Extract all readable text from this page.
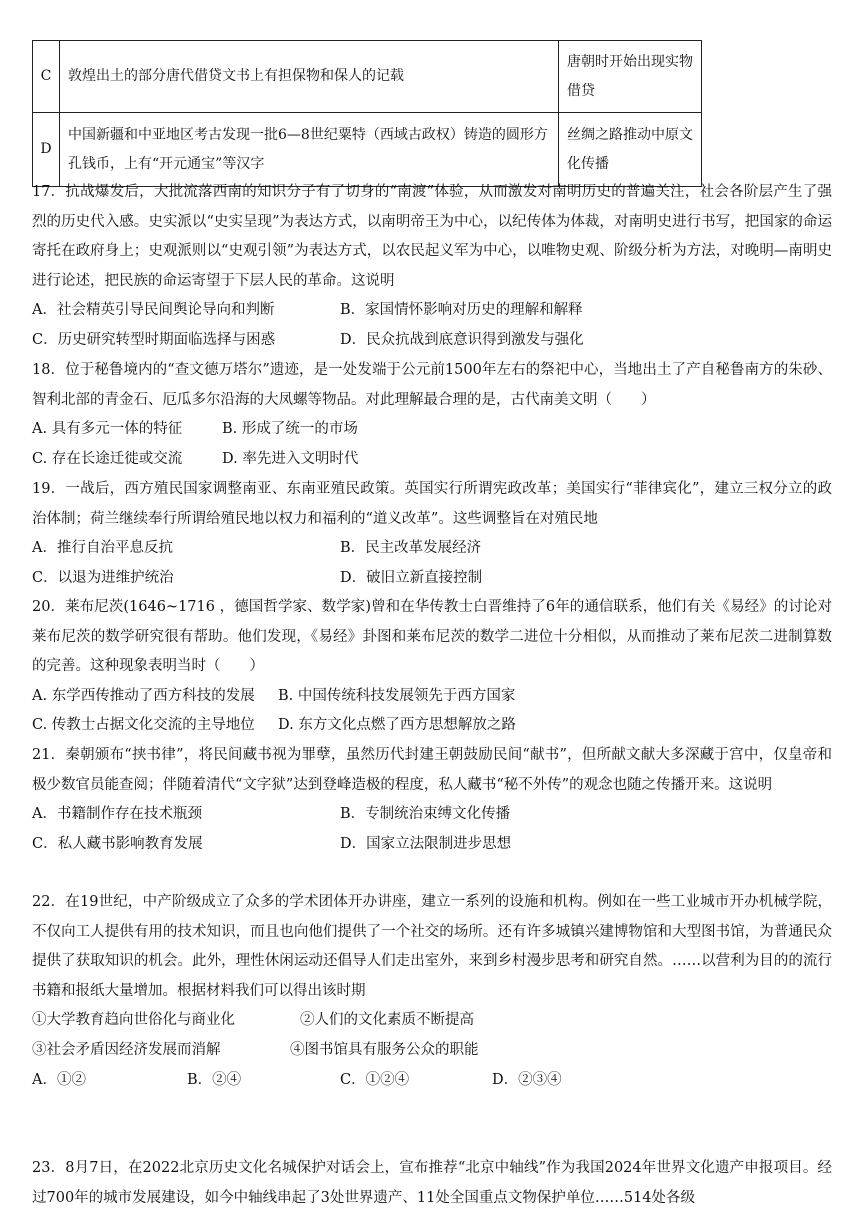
C	敦煌出土的部分唐代借贷文书上有担保物和保人的记载	唐朝时开始出现实物借贷
D	中国新疆和中亚地区考古发现一批6—8世纪粟特（西域古政权）铸造的圆形方孔钱币，上有“开元通宝”等汉字	丝绸之路推动中原文化传播

17．抗战爆发后，大批流落西南的知识分子有了切身的“南渡”体验，从而激发对南明历史的普遍关注，社会各阶层产生了强烈的历史代入感。史实派以“史实呈现”为表达方式，以南明帝王为中心，以纪传体为体裁，对南明史进行书写，把国家的命运寄托在政府身上；史观派则以“史观引领”为表达方式，以农民起义军为中心，以唯物史观、阶级分析为方法，对晚明—南明史进行论述，把民族的命运寄望于下层人民的革命。这说明

A．社会精英引导民间舆论导向和判断	B．家国情怀影响对历史的理解和解释
C．历史研究转型时期面临选择与困惑	D．民众抗战到底意识得到激发与强化

18．位于秘鲁境内的“查文德万塔尔”遗迹，是一处发端于公元前1500年左右的祭祀中心，当地出土了产自秘鲁南方的朱砂、智利北部的青金石、厄瓜多尔沿海的大凤螺等物品。对此理解最合理的是，古代南美文明（　　）

A. 具有多元一体的特征	B. 形成了统一的市场
C. 存在长途迁徙或交流	D. 率先进入文明时代

19．一战后，西方殖民国家调整南亚、东南亚殖民政策。英国实行所谓宪政改革；美国实行“菲律宾化”，建立三权分立的政治体制；荷兰继续奉行所谓给殖民地以权力和福利的“道义改革”。这些调整旨在对殖民地

A．推行自治平息反抗	B．民主改革发展经济
C．以退为进维护统治	D．破旧立新直接控制

20．莱布尼茨(1646~1716 ，德国哲学家、数学家)曾和在华传教士白晋维持了6年的通信联系，他们有关《易经》的讨论对莱布尼茨的数学研究很有帮助。他们发现，《易经》卦图和莱布尼茨的数学二进位十分相似，从而推动了莱布尼茨二进制算数的完善。这种现象表明当时（　　）

A. 东学西传推动了西方科技的发展 B. 中国传统科技发展领先于西方国家
C. 传教士占据文化交流的主导地位 D. 东方文化点燃了西方思想解放之路

21．秦朝颁布“挟书律”，将民间藏书视为罪孽，虽然历代封建王朝鼓励民间“献书”，但所献文献大多深藏于宫中，仅皇帝和极少数官员能查阅；伴随着清代“文字狱”达到登峰造极的程度，私人藏书“秘不外传”的观念也随之传播开来。这说明

A．书籍制作存在技术瓶颈	B．专制统治束缚文化传播
C．私人藏书影响教育发展	D．国家立法限制进步思想

22．在19世纪，中产阶级成立了众多的学术团体开办讲座，建立一系列的设施和机构。例如在一些工业城市开办机械学院，不仅向工人提供有用的技术知识，而且也向他们提供了一个社交的场所。还有许多城镇兴建博物馆和大型图书馆，为普通民众提供了获取知识的机会。此外，理性休闲运动还倡导人们走出室外，来到乡村漫步思考和研究自然。……以营利为目的的流行书籍和报纸大量增加。根据材料我们可以得出该时期

①大学教育趋向世俗化与商业化	②人们的文化素质不断提高
③社会矛盾因经济发展而消解	④图书馆具有服务公众的职能
A．①②	B．②④	C．①②④	D．②③④

23．8月7日，在2022北京历史文化名城保护对话会上，宣布推荐“北京中轴线”作为我国2024年世界文化遗产申报项目。经过700年的城市发展建设，如今中轴线串起了3处世界遗产、11处全国重点文物保护单位……514处各级
